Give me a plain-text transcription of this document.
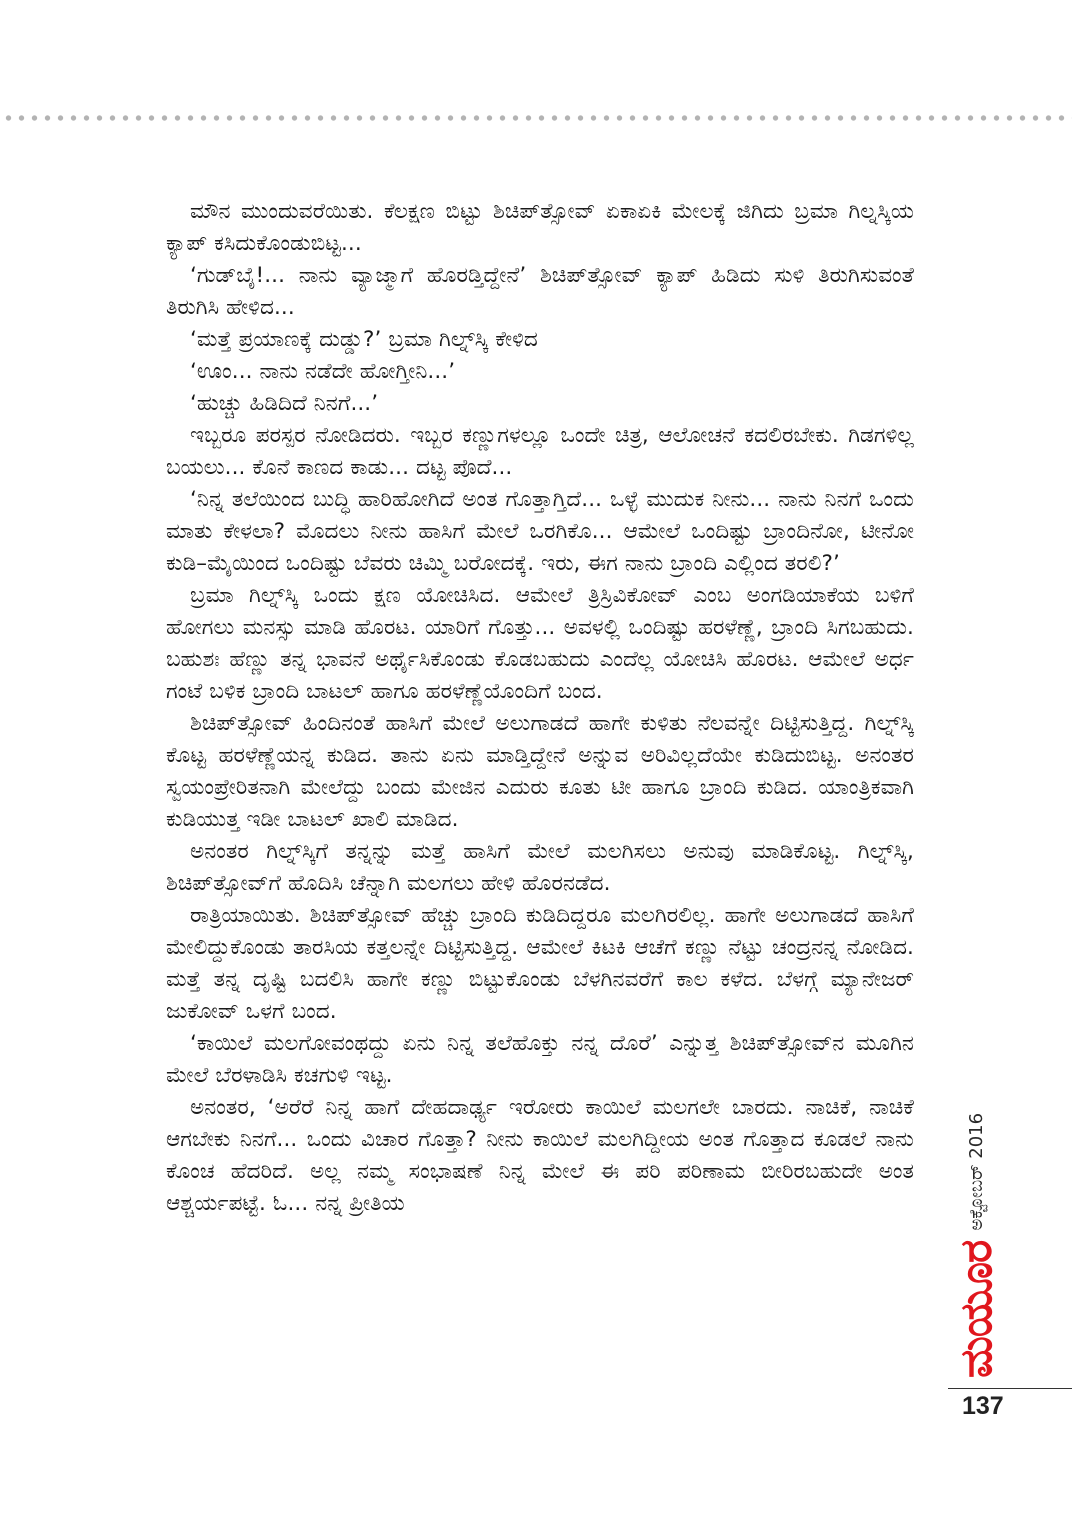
ಮೌನ ಮುಂದುವರೆಯಿತು. ಕೆಲಕ್ಷಣ ಬಿಟ್ಟು ಶಿಚಿಪ್‌ತ್ಸೋವ್ ಏಕಾಏಕಿ ಮೇಲಕ್ಕೆ ಜಿಗಿದು ಬ್ರಮಾ ಗಿಲ್ನಸ್ಕಿಯ ಕ್ಯಾಪ್ ಕಸಿದುಕೊಂಡುಬಿಟ್ಟ...

‘ಗುಡ್‌ಬೈ!... ನಾನು ವ್ಯಾಜ್ಮಾಗೆ ಹೊರಡ್ತಿದ್ದೇನೆ’ ಶಿಚಿಪ್‌ತ್ಸೋವ್ ಕ್ಯಾಪ್ ಹಿಡಿದು ಸುಳಿ ತಿರುಗಿಸುವಂತೆ ತಿರುಗಿಸಿ ಹೇಳಿದ...

‘ಮತ್ತೆ ಪ್ರಯಾಣಕ್ಕೆ ದುಡ್ಡು?’ ಬ್ರಮಾ ಗಿಲ್ನ್‌ಸ್ಕಿ ಕೇಳಿದ

‘ಊಂ... ನಾನು ನಡೆದೇ ಹೋಗ್ತೀನಿ...’

‘ಹುಚ್ಚು ಹಿಡಿದಿದೆ ನಿನಗೆ...’

ಇಬ್ಬರೂ ಪರಸ್ಪರ ನೋಡಿದರು. ಇಬ್ಬರ ಕಣ್ಣುಗಳಲ್ಲೂ ಒಂದೇ ಚಿತ್ರ, ಆಲೋಚನೆ ಕದಲಿರಬೇಕು. ಗಿಡಗಳಿಲ್ಲ ಬಯಲು... ಕೊನೆ ಕಾಣದ ಕಾಡು... ದಟ್ಟ ಪೊದೆ...

‘ನಿನ್ನ ತಲೆಯಿಂದ ಬುದ್ಧಿ ಹಾರಿಹೋಗಿದೆ ಅಂತ ಗೊತ್ತಾಗ್ತಿದೆ... ಒಳ್ಳೆ ಮುದುಕ ನೀನು... ನಾನು ನಿನಗೆ ಒಂದು ಮಾತು ಕೇಳಲಾ? ಮೊದಲು ನೀನು ಹಾಸಿಗೆ ಮೇಲೆ ಒರಗಿಕೊ... ಆಮೇಲೆ ಒಂದಿಷ್ಟು ಬ್ರಾಂದಿನೋ, ಟೀನೋ ಕುಡಿ–ಮೈಯಿಂದ ಒಂದಿಷ್ಟು ಬೆವರು ಚಿಮ್ಮಿ ಬರೋದಕ್ಕೆ. ಇರು, ಈಗ ನಾನು ಬ್ರಾಂದಿ ಎಲ್ಲಿಂದ ತರಲಿ?’

ಬ್ರಮಾ ಗಿಲ್ನ್‌ಸ್ಕಿ ಒಂದು ಕ್ಷಣ ಯೋಚಿಸಿದ. ಆಮೇಲೆ ತ್ರಿಸ್ರಿವಿಕೋವ್ ಎಂಬ ಅಂಗಡಿಯಾಕೆಯ ಬಳಿಗೆ ಹೋಗಲು ಮನಸ್ಸು ಮಾಡಿ ಹೊರಟ. ಯಾರಿಗೆ ಗೊತ್ತು... ಅವಳಲ್ಲಿ ಒಂದಿಷ್ಟು ಹರಳೆಣ್ಣೆ, ಬ್ರಾಂದಿ ಸಿಗಬಹುದು. ಬಹುಶಃ ಹೆಣ್ಣು ತನ್ನ ಭಾವನೆ ಅರ್ಥೈಸಿಕೊಂಡು ಕೊಡಬಹುದು ಎಂದೆಲ್ಲ ಯೋಚಿಸಿ ಹೊರಟ. ಆಮೇಲೆ ಅರ್ಧ ಗಂಟೆ ಬಳಿಕ ಬ್ರಾಂದಿ ಬಾಟಲ್ ಹಾಗೂ ಹರಳೆಣ್ಣೆಯೊಂದಿಗೆ ಬಂದ.

ಶಿಚಿಪ್‌ತ್ಸೋವ್ ಹಿಂದಿನಂತೆ ಹಾಸಿಗೆ ಮೇಲೆ ಅಲುಗಾಡದೆ ಹಾಗೇ ಕುಳಿತು ನೆಲವನ್ನೇ ದಿಟ್ಟಿಸುತ್ತಿದ್ದ. ಗಿಲ್ನ್‌ಸ್ಕಿ ಕೊಟ್ಟ ಹರಳೆಣ್ಣೆಯನ್ನ ಕುಡಿದ. ತಾನು ಏನು ಮಾಡ್ತಿದ್ದೇನೆ ಅನ್ನುವ ಅರಿವಿಲ್ಲದೆಯೇ ಕುಡಿದುಬಿಟ್ಟ. ಅನಂತರ ಸ್ವಯಂಪ್ರೇರಿತನಾಗಿ ಮೇಲೆದ್ದು ಬಂದು ಮೇಜಿನ ಎದುರು ಕೂತು ಟೀ ಹಾಗೂ ಬ್ರಾಂದಿ ಕುಡಿದ. ಯಾಂತ್ರಿಕವಾಗಿ ಕುಡಿಯುತ್ತ ಇಡೀ ಬಾಟಲ್ ಖಾಲಿ ಮಾಡಿದ.

ಅನಂತರ ಗಿಲ್ನ್‌ಸ್ಕಿಗೆ ತನ್ನನ್ನು ಮತ್ತೆ ಹಾಸಿಗೆ ಮೇಲೆ ಮಲಗಿಸಲು ಅನುವು ಮಾಡಿಕೊಟ್ಟ. ಗಿಲ್ನ್‌ಸ್ಕಿ, ಶಿಚಿಪ್‌ತ್ಸೋವ್‌ಗೆ ಹೊದಿಸಿ ಚೆನ್ನಾಗಿ ಮಲಗಲು ಹೇಳಿ ಹೊರನಡೆದ.

ರಾತ್ರಿಯಾಯಿತು. ಶಿಚಿಪ್‌ತ್ಸೋವ್ ಹೆಚ್ಚು ಬ್ರಾಂದಿ ಕುಡಿದಿದ್ದರೂ ಮಲಗಿರಲಿಲ್ಲ. ಹಾಗೇ ಅಲುಗಾಡದೆ ಹಾಸಿಗೆ ಮೇಲಿದ್ದುಕೊಂಡು ತಾರಸಿಯ ಕತ್ತಲನ್ನೇ ದಿಟ್ಟಿಸುತ್ತಿದ್ದ. ಆಮೇಲೆ ಕಿಟಕಿ ಆಚೆಗೆ ಕಣ್ಣು ನೆಟ್ಟು ಚಂದ್ರನನ್ನ ನೋಡಿದ. ಮತ್ತೆ ತನ್ನ ದೃಷ್ಟಿ ಬದಲಿಸಿ ಹಾಗೇ ಕಣ್ಣು ಬಿಟ್ಟುಕೊಂಡು ಬೆಳಗಿನವರೆಗೆ ಕಾಲ ಕಳೆದ. ಬೆಳಗ್ಗೆ ಮ್ಯಾನೇಜರ್ ಜುಕೋವ್ ಒಳಗೆ ಬಂದ.

‘ಕಾಯಿಲೆ ಮಲಗೋವಂಥದ್ದು ಏನು ನಿನ್ನ ತಲೆಹೊಕ್ತು ನನ್ನ ದೊರೆ’ ಎನ್ನುತ್ತ ಶಿಚಿಪ್‌ತ್ಸೋವ್‌ನ ಮೂಗಿನ ಮೇಲೆ ಬೆರಳಾಡಿಸಿ ಕಚಗುಳಿ ಇಟ್ಟ.

ಅನಂತರ, ‘ಅರೆರೆ ನಿನ್ನ ಹಾಗೆ ದೇಹದಾರ್ಢ್ಯ ಇರೋರು ಕಾಯಿಲೆ ಮಲಗಲೇ ಬಾರದು. ನಾಚಿಕೆ, ನಾಚಿಕೆ ಆಗಬೇಕು ನಿನಗೆ... ಒಂದು ವಿಚಾರ ಗೊತ್ತಾ? ನೀನು ಕಾಯಿಲೆ ಮಲಗಿದ್ದೀಯ ಅಂತ ಗೊತ್ತಾದ ಕೂಡಲೆ ನಾನು ಕೊಂಚ ಹೆದರಿದೆ. ಅಲ್ಲ ನಮ್ಮ ಸಂಭಾಷಣೆ ನಿನ್ನ ಮೇಲೆ ಈ ಪರಿ ಪರಿಣಾಮ ಬೀರಿರಬಹುದೇ ಅಂತ ಆಶ್ಚರ್ಯಪಟ್ಟೆ. ಓ... ನನ್ನ ಪ್ರೀತಿಯ

ಮಯೂರ
ಅಕ್ಟೋಬರ್ 2016
137
